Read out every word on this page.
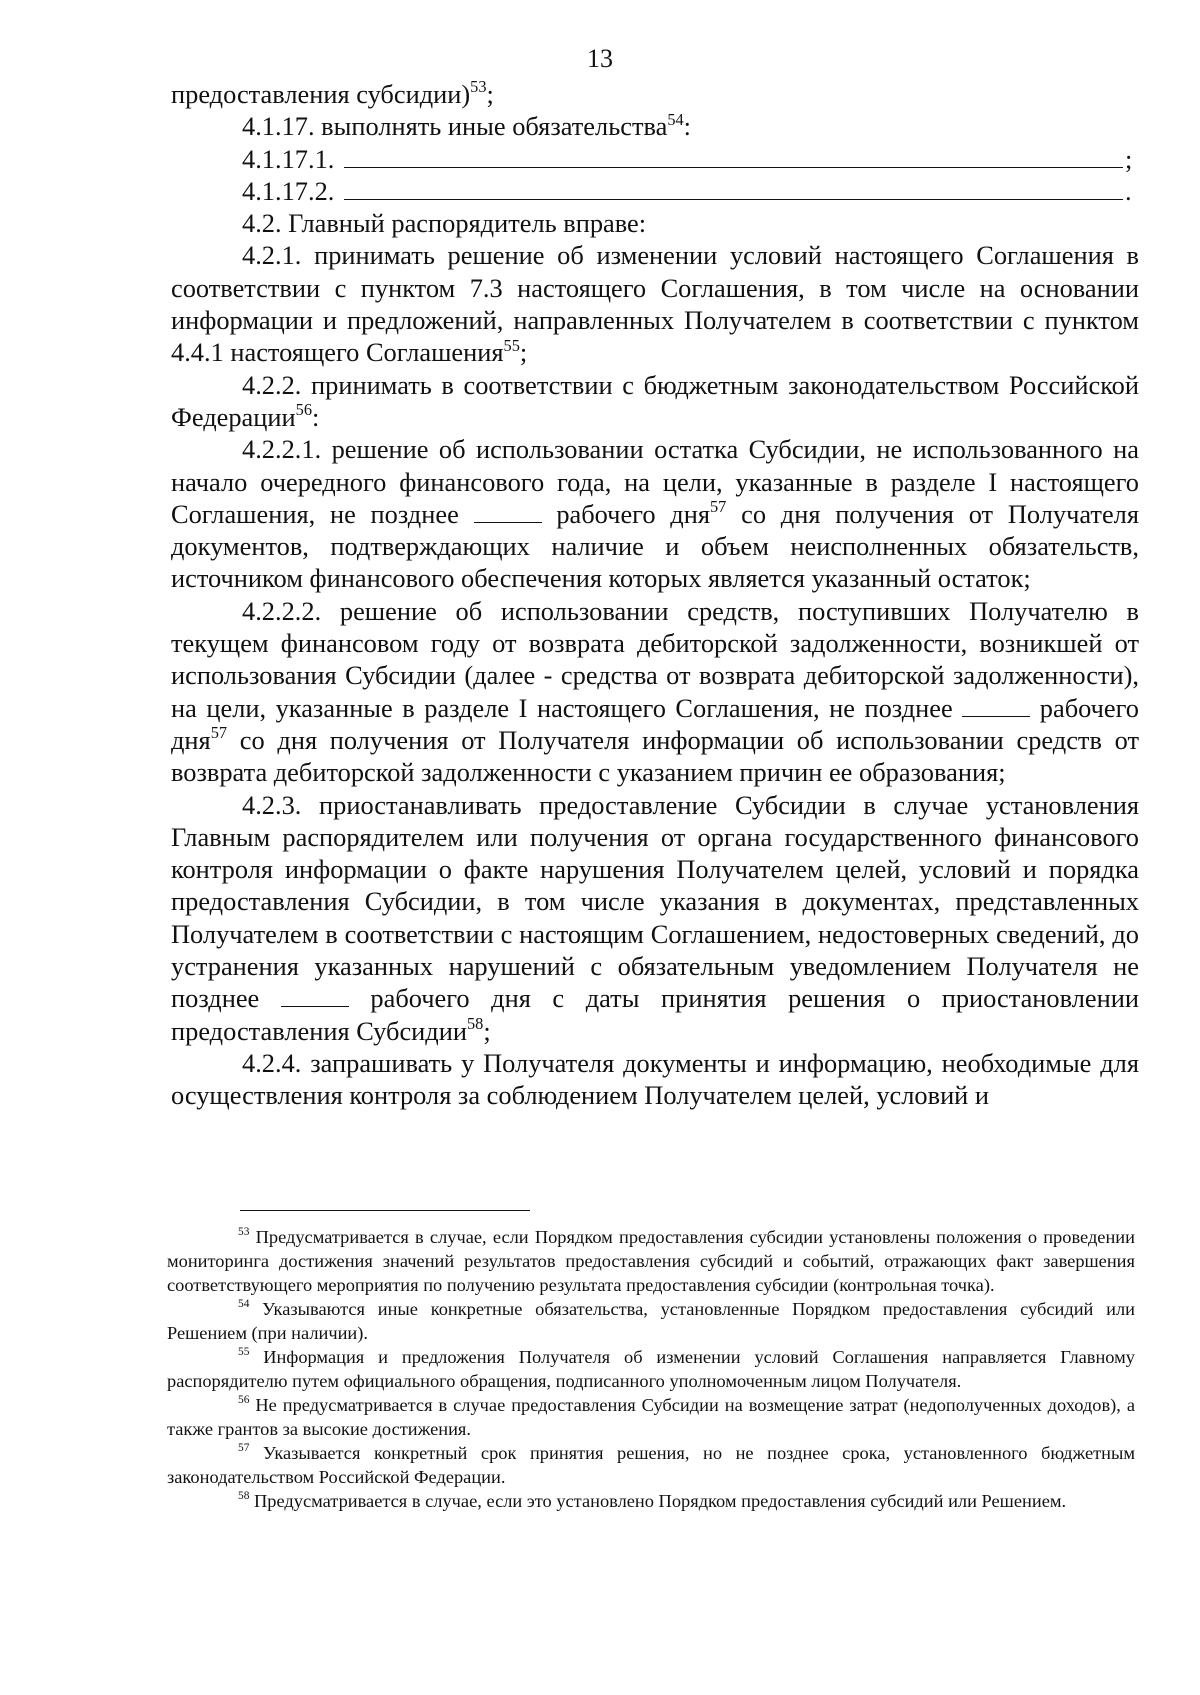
13

предоставления субсидии)$^{53}$;

4.1.17. выполнять иные обязательства$^{54}$:

4.1.17.1.	;
4.1.17.2.	.

4.2. Главный распорядитель вправе:

4.2.1. принимать решение об изменении условий настоящего Соглашения в соответствии с пунктом 7.3 настоящего Соглашения, в том числе на основании информации и предложений, направленных Получателем в соответствии с пунктом 4.4.1 настоящего Соглашения$^{55}$;

4.2.2. принимать в соответствии с бюджетным законодательством Российской Федерации$^{56}$:

4.2.2.1. решение об использовании остатка Субсидии, не использованного на начало очередного финансового года, на цели, указанные в разделе I настоящего Соглашения, не позднее	рабочего дня$^{57}$ со дня получения от Получателя документов, подтверждающих наличие и объем неисполненных обязательств, источником финансового обеспечения которых является указанный остаток;

4.2.2.2. решение об использовании средств, поступивших Получателю в текущем финансовом году от возврата дебиторской задолженности, возникшей от использования Субсидии (далее - средства от возврата дебиторской задолженности), на цели, указанные в разделе I настоящего Соглашения, не позднее	рабочего дня$^{57}$ со дня получения от Получателя информации об использовании средств от возврата дебиторской задолженности с указанием причин ее образования;

4.2.3. приостанавливать предоставление Субсидии в случае установления Главным распорядителем или получения от органа государственного финансового контроля информации о факте нарушения Получателем целей, условий и порядка предоставления Субсидии, в том числе указания в документах, представленных Получателем в соответствии с настоящим Соглашением, недостоверных сведений, до устранения указанных нарушений с обязательным уведомлением Получателя не позднее	рабочего дня с даты принятия решения о приостановлении предоставления Субсидии$^{58}$;

4.2.4. запрашивать у Получателя документы и информацию, необходимые для осуществления контроля за соблюдением Получателем целей, условий и

$^{53}$ Предусматривается в случае, если Порядком предоставления субсидии установлены положения о проведении мониторинга достижения значений результатов предоставления субсидий и событий, отражающих факт завершения соответствующего мероприятия по получению результата предоставления субсидии (контрольная точка).

$^{54}$ Указываются иные конкретные обязательства, установленные Порядком предоставления субсидий или Решением (при наличии).

$^{55}$ Информация и предложения Получателя об изменении условий Соглашения направляется Главному распорядителю путем официального обращения, подписанного уполномоченным лицом Получателя.

$^{56}$ Не предусматривается в случае предоставления Субсидии на возмещение затрат (недополученных доходов), а также грантов за высокие достижения.

$^{57}$ Указывается конкретный срок принятия решения, но не позднее срока, установленного бюджетным законодательством Российской Федерации.

$^{58}$ Предусматривается в случае, если это установлено Порядком предоставления субсидий или Решением.
